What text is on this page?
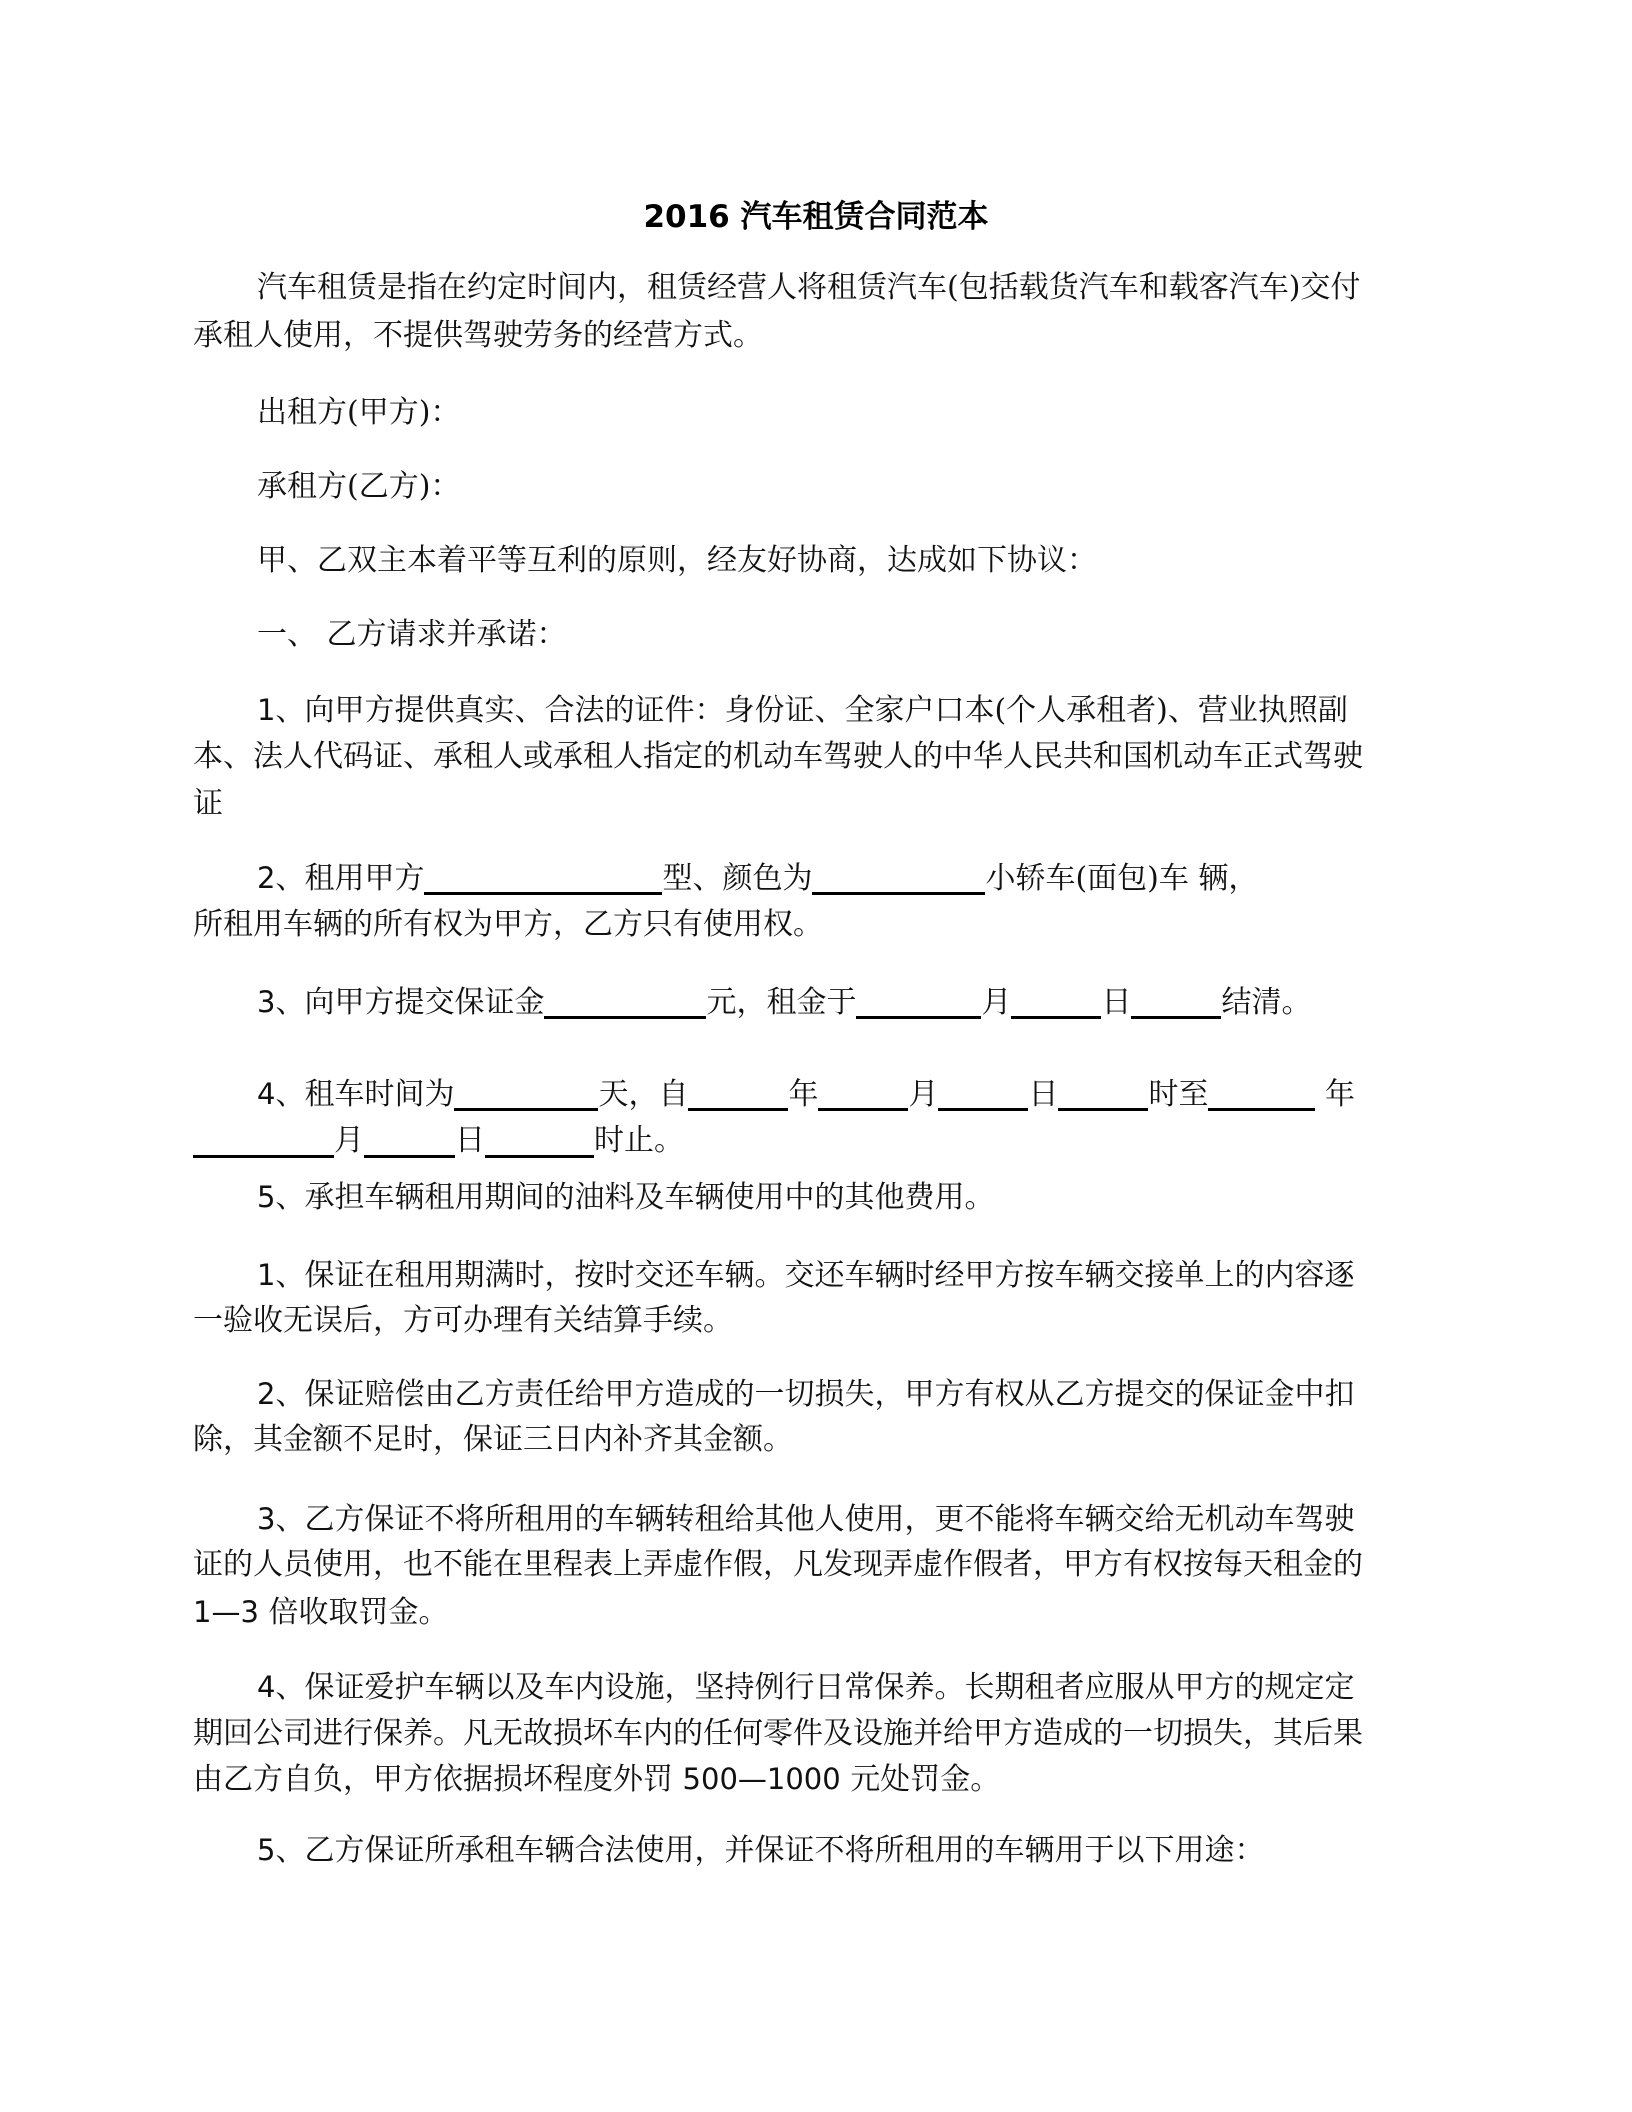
2016 汽车租赁合同范本
汽车租赁是指在约定时间内，租赁经营人将租赁汽车(包括载货汽车和载客汽车)交付
承租人使用，不提供驾驶劳务的经营方式。
出租方(甲方)：
承租方(乙方)：
甲、乙双主本着平等互利的原则，经友好协商，达成如下协议：
一、 乙方请求并承诺：
1、向甲方提供真实、合法的证件：身份证、全家户口本(个人承租者)、营业执照副
本、法人代码证、承租人或承租人指定的机动车驾驶人的中华人民共和国机动车正式驾驶
证
2、租用甲方	型、颜色为	小轿车(面包)车 辆，
所租用车辆的所有权为甲方，乙方只有使用权。
3、向甲方提交保证金	元，租金于	月	日	结清。
4、租车时间为	天，自	年	月	日	时至	年
月	日	时止。
5、承担车辆租用期间的油料及车辆使用中的其他费用。
1、保证在租用期满时，按时交还车辆。交还车辆时经甲方按车辆交接单上的内容逐
一验收无误后，方可办理有关结算手续。
2、保证赔偿由乙方责任给甲方造成的一切损失，甲方有权从乙方提交的保证金中扣
除，其金额不足时，保证三日内补齐其金额。
3、乙方保证不将所租用的车辆转租给其他人使用，更不能将车辆交给无机动车驾驶
证的人员使用，也不能在里程表上弄虚作假，凡发现弄虚作假者，甲方有权按每天租金的
1—3 倍收取罚金。
4、保证爱护车辆以及车内设施，坚持例行日常保养。长期租者应服从甲方的规定定
期回公司进行保养。凡无故损坏车内的任何零件及设施并给甲方造成的一切损失，其后果
由乙方自负，甲方依据损坏程度外罚 500—1000 元处罚金。
5、乙方保证所承租车辆合法使用，并保证不将所租用的车辆用于以下用途：
